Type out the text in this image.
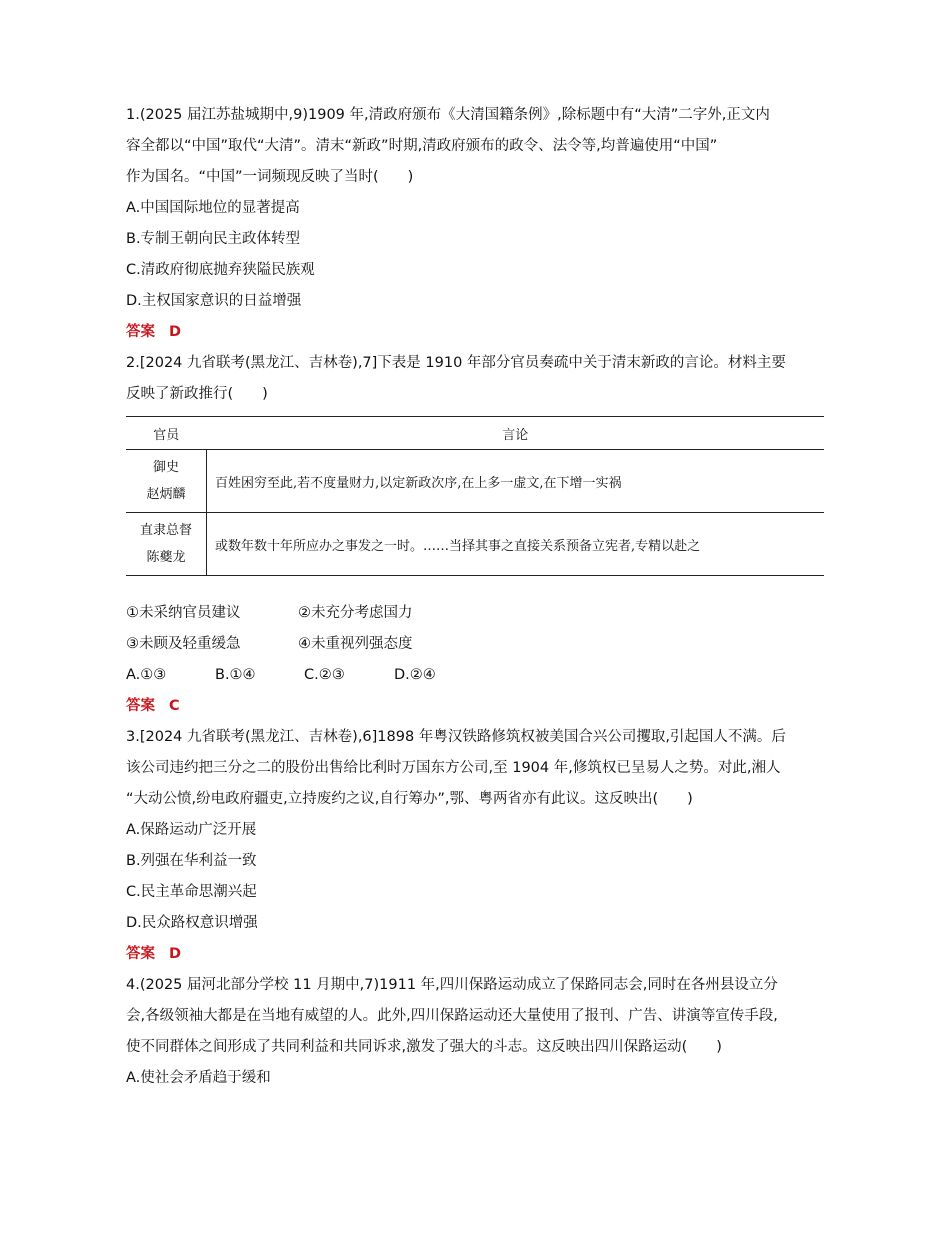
1.(2025 届江苏盐城期中,9)1909 年,清政府颁布《大清国籍条例》,除标题中有“大清”二字外,正文内
容全都以“中国”取代“大清”。清末“新政”时期,清政府颁布的政令、法令等,均普遍使用“中国”
作为国名。“中国”一词频现反映了当时(　　)
A.中国国际地位的显著提高
B.专制王朝向民主政体转型
C.清政府彻底抛弃狭隘民族观
D.主权国家意识的日益增强
答案 D
2.[2024 九省联考(黑龙江、吉林卷),7]下表是 1910 年部分官员奏疏中关于清末新政的言论。材料主要
反映了新政推行(　　)
官员	言论

御史
赵炳麟	百姓困穷至此,若不度量财力,以定新政次序,在上多一虚文,在下增一实祸

直隶总督
陈夔龙	或数年数十年所应办之事发之一时。……当择其事之直接关系预备立宪者,专精以赴之
①未采纳官员建议	②未充分考虑国力
③未顾及轻重缓急	④未重视列强态度
A.①③	B.①④	C.②③	D.②④
答案 C
3.[2024 九省联考(黑龙江、吉林卷),6]1898 年粤汉铁路修筑权被美国合兴公司攫取,引起国人不满。后
该公司违约把三分之二的股份出售给比利时万国东方公司,至 1904 年,修筑权已呈易人之势。对此,湘人
“大动公愤,纷电政府疆吏,立持废约之议,自行筹办”,鄂、粤两省亦有此议。这反映出(　　)
A.保路运动广泛开展
B.列强在华利益一致
C.民主革命思潮兴起
D.民众路权意识增强
答案 D
4.(2025 届河北部分学校 11 月期中,7)1911 年,四川保路运动成立了保路同志会,同时在各州县设立分
会,各级领袖大都是在当地有威望的人。此外,四川保路运动还大量使用了报刊、广告、讲演等宣传手段,
使不同群体之间形成了共同利益和共同诉求,激发了强大的斗志。这反映出四川保路运动(　　)
A.使社会矛盾趋于缓和
